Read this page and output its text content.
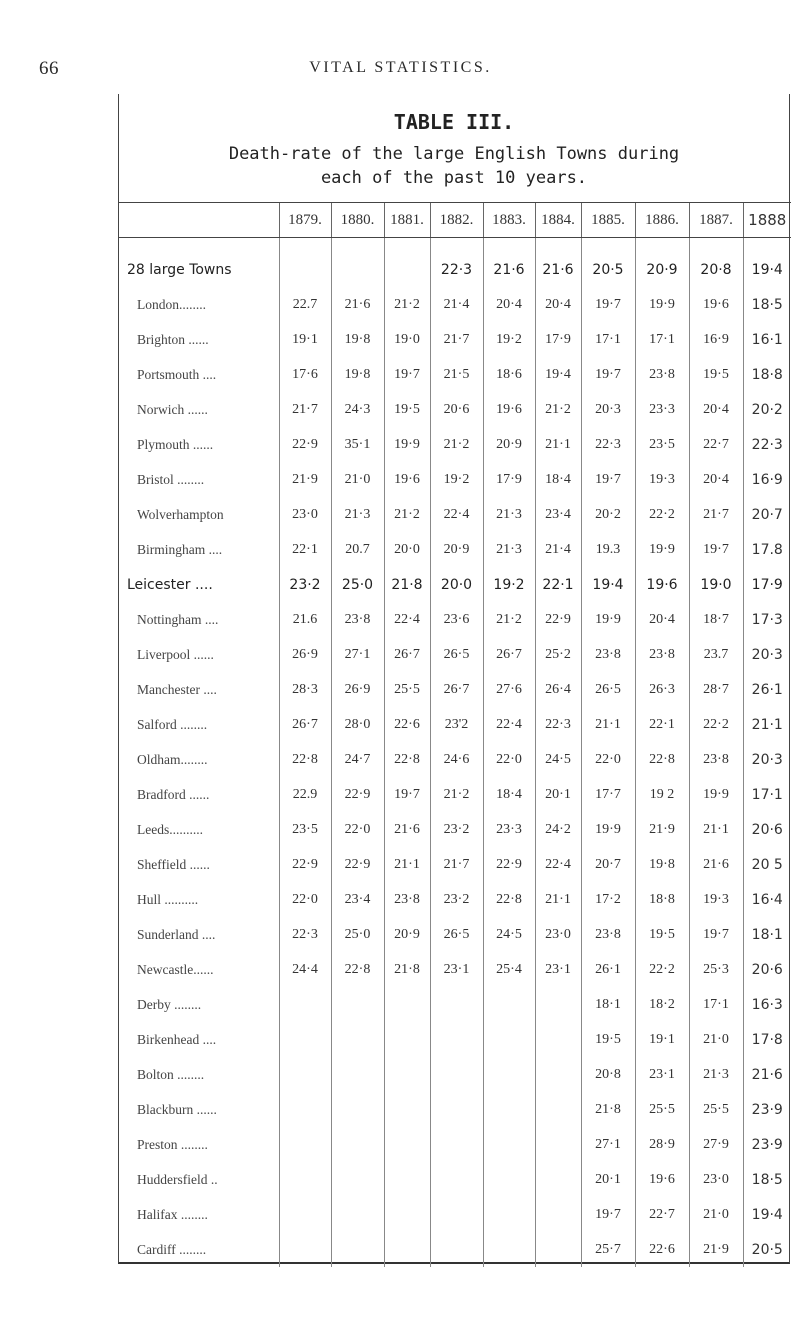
66	VITAL STATISTICS.
TABLE III.
Death-rate of the large English Towns during
each of the past 10 years.
	1879.	1880.	1881.	1882.	1883.	1884.	1885.	1886.	1887.	1888
28 large Towns				22·3	21·6	21·6	20·5	20·9	20·8	19·4
London........	22.7	21·6	21·2	21·4	20·4	20·4	19·7	19·9	19·6	18·5
Brighton ......	19·1	19·8	19·0	21·7	19·2	17·9	17·1	17·1	16·9	16·1
Portsmouth ....	17·6	19·8	19·7	21·5	18·6	19·4	19·7	23·8	19·5	18·8
Norwich ......	21·7	24·3	19·5	20·6	19·6	21·2	20·3	23·3	20·4	20·2
Plymouth ......	22·9	35·1	19·9	21·2	20·9	21·1	22·3	23·5	22·7	22·3
Bristol ........	21·9	21·0	19·6	19·2	17·9	18·4	19·7	19·3	20·4	16·9
Wolverhampton	23·0	21·3	21·2	22·4	21·3	23·4	20·2	22·2	21·7	20·7
Birmingham ....	22·1	20.7	20·0	20·9	21·3	21·4	19.3	19·9	19·7	17.8
Leicester ....	23·2	25·0	21·8	20·0	19·2	22·1	19·4	19·6	19·0	17·9
Nottingham ....	21.6	23·8	22·4	23·6	21·2	22·9	19·9	20·4	18·7	17·3
Liverpool ......	26·9	27·1	26·7	26·5	26·7	25·2	23·8	23·8	23.7	20·3
Manchester ....	28·3	26·9	25·5	26·7	27·6	26·4	26·5	26·3	28·7	26·1
Salford ........	26·7	28·0	22·6	23'2	22·4	22·3	21·1	22·1	22·2	21·1
Oldham........	22·8	24·7	22·8	24·6	22·0	24·5	22·0	22·8	23·8	20·3
Bradford ......	22.9	22·9	19·7	21·2	18·4	20·1	17·7	19 2	19·9	17·1
Leeds..........	23·5	22·0	21·6	23·2	23·3	24·2	19·9	21·9	21·1	20·6
Sheffield ......	22·9	22·9	21·1	21·7	22·9	22·4	20·7	19·8	21·6	20 5
Hull ..........	22·0	23·4	23·8	23·2	22·8	21·1	17·2	18·8	19·3	16·4
Sunderland ....	22·3	25·0	20·9	26·5	24·5	23·0	23·8	19·5	19·7	18·1
Newcastle......	24·4	22·8	21·8	23·1	25·4	23·1	26·1	22·2	25·3	20·6
Derby ........							18·1	18·2	17·1	16·3
Birkenhead ....							19·5	19·1	21·0	17·8
Bolton ........							20·8	23·1	21·3	21·6
Blackburn ......							21·8	25·5	25·5	23·9
Preston ........							27·1	28·9	27·9	23·9
Huddersfield ..							20·1	19·6	23·0	18·5
Halifax ........							19·7	22·7	21·0	19·4
Cardiff ........							25·7	22·6	21·9	20·5
